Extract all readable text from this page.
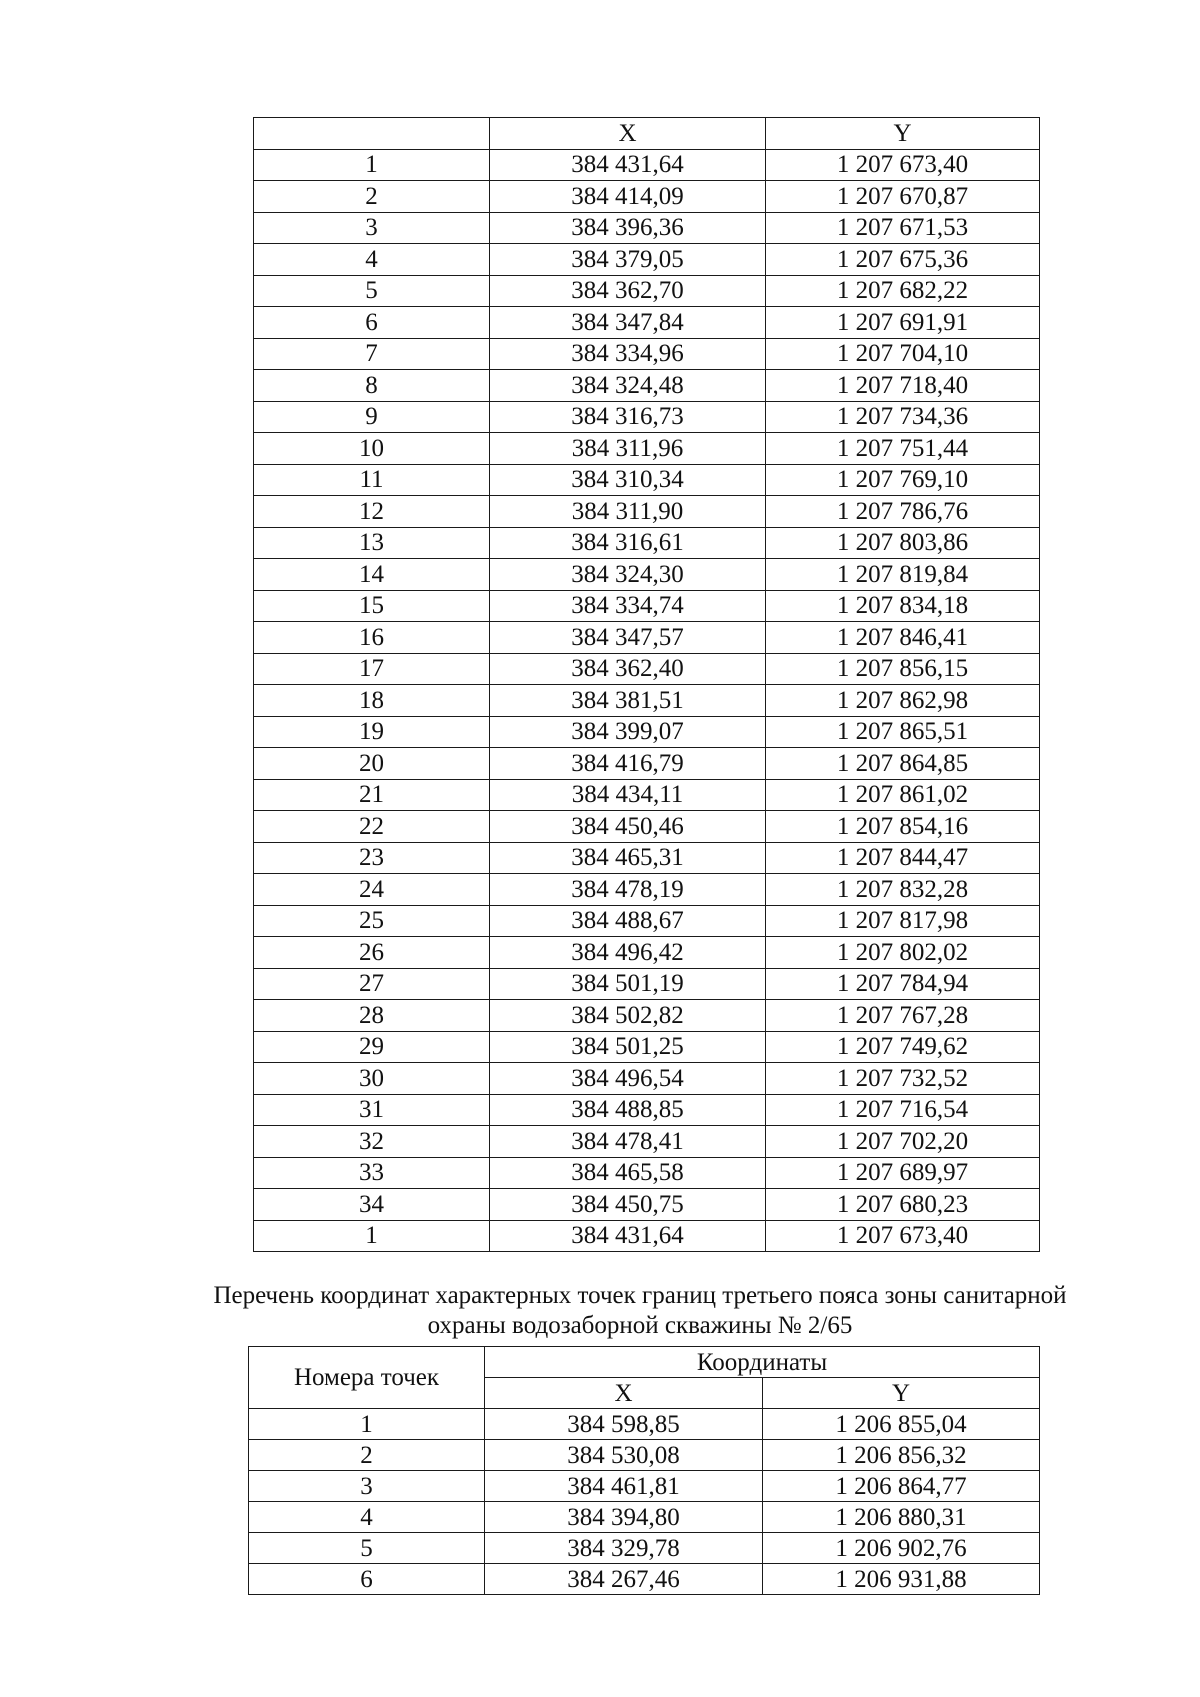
	X	Y
1	384 431,64	1 207 673,40
2	384 414,09	1 207 670,87
3	384 396,36	1 207 671,53
4	384 379,05	1 207 675,36
5	384 362,70	1 207 682,22
6	384 347,84	1 207 691,91
7	384 334,96	1 207 704,10
8	384 324,48	1 207 718,40
9	384 316,73	1 207 734,36
10	384 311,96	1 207 751,44
11	384 310,34	1 207 769,10
12	384 311,90	1 207 786,76
13	384 316,61	1 207 803,86
14	384 324,30	1 207 819,84
15	384 334,74	1 207 834,18
16	384 347,57	1 207 846,41
17	384 362,40	1 207 856,15
18	384 381,51	1 207 862,98
19	384 399,07	1 207 865,51
20	384 416,79	1 207 864,85
21	384 434,11	1 207 861,02
22	384 450,46	1 207 854,16
23	384 465,31	1 207 844,47
24	384 478,19	1 207 832,28
25	384 488,67	1 207 817,98
26	384 496,42	1 207 802,02
27	384 501,19	1 207 784,94
28	384 502,82	1 207 767,28
29	384 501,25	1 207 749,62
30	384 496,54	1 207 732,52
31	384 488,85	1 207 716,54
32	384 478,41	1 207 702,20
33	384 465,58	1 207 689,97
34	384 450,75	1 207 680,23
1	384 431,64	1 207 673,40
Перечень координат характерных точек границ третьего пояса зоны санитарной
охраны водозаборной скважины № 2/65
Номера точек	Координаты	
	X	Y
1	384 598,85	1 206 855,04
2	384 530,08	1 206 856,32
3	384 461,81	1 206 864,77
4	384 394,80	1 206 880,31
5	384 329,78	1 206 902,76
6	384 267,46	1 206 931,88
